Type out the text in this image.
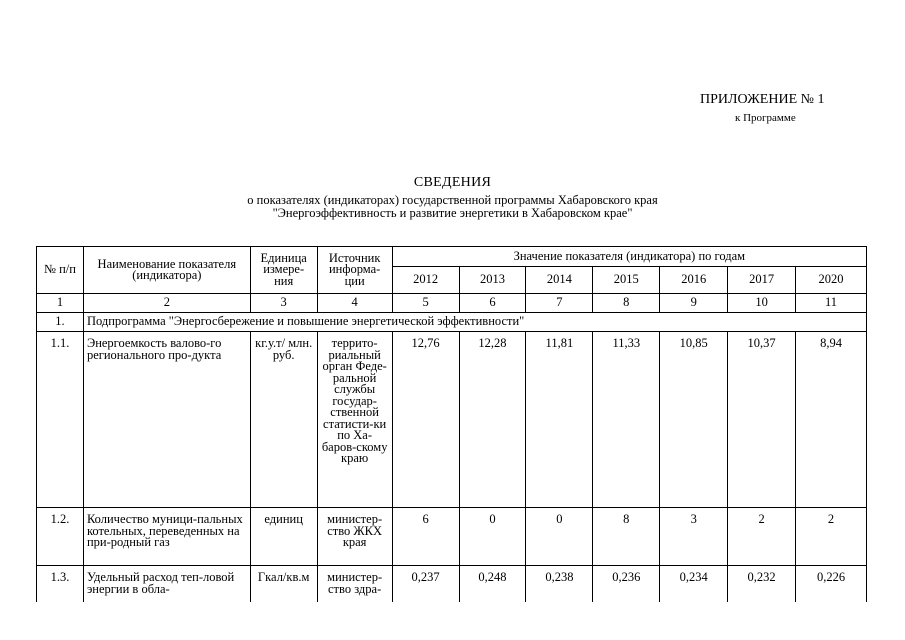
ПРИЛОЖЕНИЕ № 1
к Программе
СВЕДЕНИЯ
о показателях (индикаторах) государственной программы Хабаровского края
"Энергоэффективность и развитие энергетики в Хабаровском крае"
№ п/п	Наименование показателя (индикатора)	Единица измере-ния	Источник информа-ции	Значение показателя (индикатора) по годам						
				2012	2013	2014	2015	2016	2017	2020
1	2	3	4	5	6	7	8	9	10	11
1.	Подпрограмма "Энергосбережение и повышение энергетической эффективности"									
1.1.	Энергоемкость валово-го регионального про-дукта	кг.у.т/ млн. руб.	террито-риальный орган Феде-ральной службы государ-ственной статисти-ки по Ха-баров-скому краю	12,76	12,28	11,81	11,33	10,85	10,37	8,94
1.2.	Количество муници-пальных котельных, переведенных на при-родный газ	единиц	министер-ство ЖКХ края	6	0	0	8	3	2	2
1.3.	Удельный расход теп-ловой энергии в обла-	Гкал/кв.м	министер-ство здра-	0,237	0,248	0,238	0,236	0,234	0,232	0,226
